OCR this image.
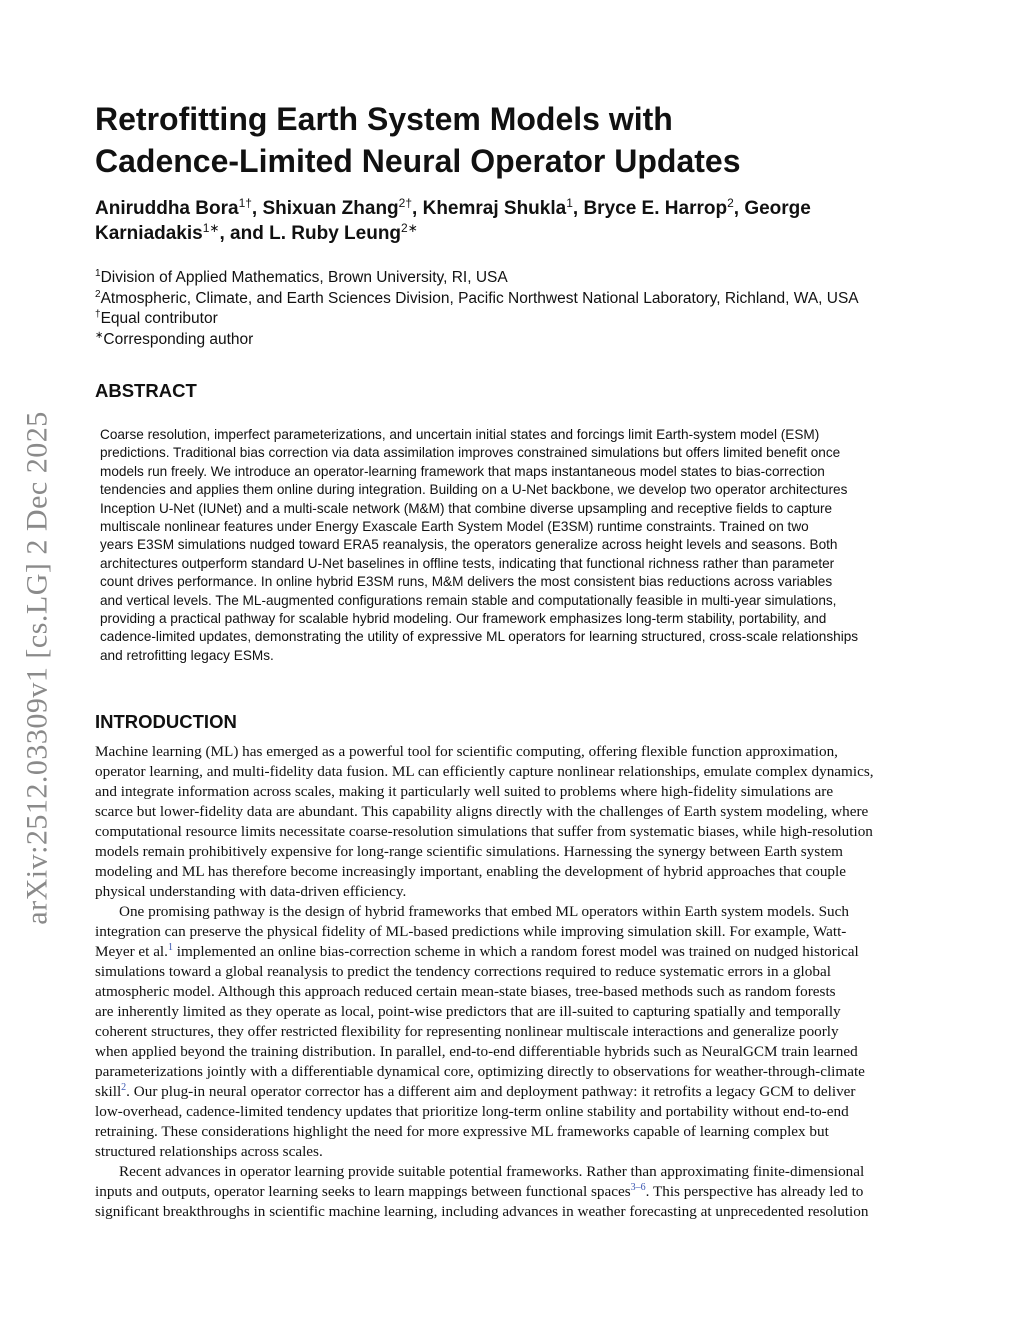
arXiv:2512.03309v1 [cs.LG] 2 Dec 2025
Retrofitting Earth System Models with
Cadence-Limited Neural Operator Updates
Aniruddha Bora$^{1\dagger}$, Shixuan Zhang$^{2\dagger}$, Khemraj Shukla$^1$, Bryce E. Harrop$^2$, George
Karniadakis$^{1∗}$, and L. Ruby Leung$^{2∗}$
$^1$Division of Applied Mathematics, Brown University, RI, USA
$^2$Atmospheric, Climate, and Earth Sciences Division, Pacific Northwest National Laboratory, Richland, WA, USA
†Equal contributor
∗Corresponding author
ABSTRACT
Coarse resolution, imperfect parameterizations, and uncertain initial states and forcings limit Earth-system model (ESM)
predictions. Traditional bias correction via data assimilation improves constrained simulations but offers limited benefit once
models run freely. We introduce an operator-learning framework that maps instantaneous model states to bias-correction
tendencies and applies them online during integration. Building on a U-Net backbone, we develop two operator architectures
Inception U-Net (IUNet) and a multi-scale network (M&M) that combine diverse upsampling and receptive fields to capture
multiscale nonlinear features under Energy Exascale Earth System Model (E3SM) runtime constraints. Trained on two
years E3SM simulations nudged toward ERA5 reanalysis, the operators generalize across height levels and seasons. Both
architectures outperform standard U-Net baselines in offline tests, indicating that functional richness rather than parameter
count drives performance. In online hybrid E3SM runs, M&M delivers the most consistent bias reductions across variables
and vertical levels. The ML-augmented configurations remain stable and computationally feasible in multi-year simulations,
providing a practical pathway for scalable hybrid modeling. Our framework emphasizes long-term stability, portability, and
cadence-limited updates, demonstrating the utility of expressive ML operators for learning structured, cross-scale relationships
and retrofitting legacy ESMs.
INTRODUCTION
Machine learning (ML) has emerged as a powerful tool for scientific computing, offering flexible function approximation,
operator learning, and multi-fidelity data fusion. ML can efficiently capture nonlinear relationships, emulate complex dynamics,
and integrate information across scales, making it particularly well suited to problems where high-fidelity simulations are
scarce but lower-fidelity data are abundant. This capability aligns directly with the challenges of Earth system modeling, where
computational resource limits necessitate coarse-resolution simulations that suffer from systematic biases, while high-resolution
models remain prohibitively expensive for long-range scientific simulations. Harnessing the synergy between Earth system
modeling and ML has therefore become increasingly important, enabling the development of hybrid approaches that couple
physical understanding with data-driven efficiency.
One promising pathway is the design of hybrid frameworks that embed ML operators within Earth system models. Such
integration can preserve the physical fidelity of ML-based predictions while improving simulation skill. For example, Watt-
Meyer et al.$^1$ implemented an online bias-correction scheme in which a random forest model was trained on nudged historical
simulations toward a global reanalysis to predict the tendency corrections required to reduce systematic errors in a global
atmospheric model. Although this approach reduced certain mean-state biases, tree-based methods such as random forests
are inherently limited as they operate as local, point-wise predictors that are ill-suited to capturing spatially and temporally
coherent structures, they offer restricted flexibility for representing nonlinear multiscale interactions and generalize poorly
when applied beyond the training distribution. In parallel, end-to-end differentiable hybrids such as NeuralGCM train learned
parameterizations jointly with a differentiable dynamical core, optimizing directly to observations for weather-through-climate
skill$^2$. Our plug-in neural operator corrector has a different aim and deployment pathway: it retrofits a legacy GCM to deliver
low-overhead, cadence-limited tendency updates that prioritize long-term online stability and portability without end-to-end
retraining. These considerations highlight the need for more expressive ML frameworks capable of learning complex but
structured relationships across scales.
Recent advances in operator learning provide suitable potential frameworks. Rather than approximating finite-dimensional
inputs and outputs, operator learning seeks to learn mappings between functional spaces$^{3-6}$. This perspective has already led to
significant breakthroughs in scientific machine learning, including advances in weather forecasting at unprecedented resolution
